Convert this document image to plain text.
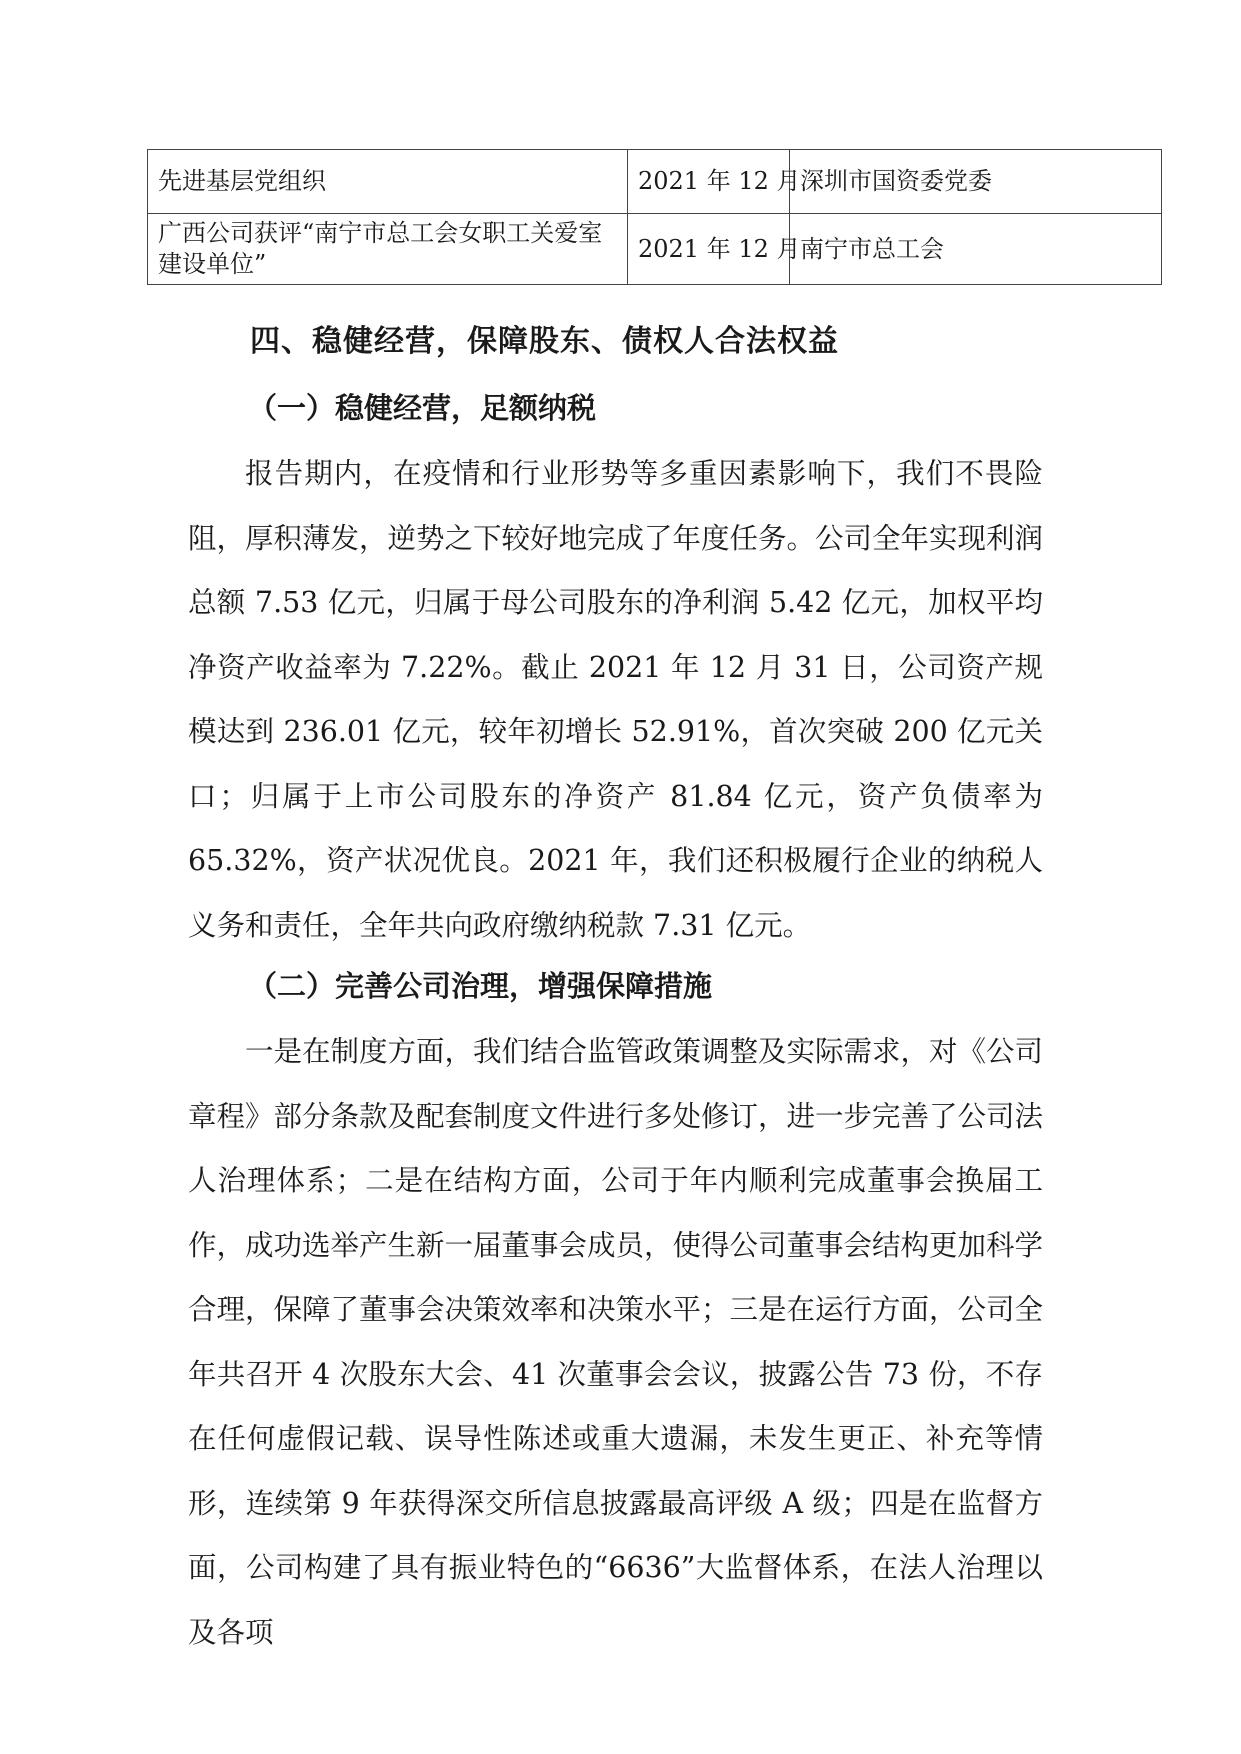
先进基层党组织	2021 年 12 月	深圳市国资委党委
广西公司获评“南宁市总工会女职工关爱室建设单位”	2021 年 12 月	南宁市总工会
四、稳健经营，保障股东、债权人合法权益
（一）稳健经营，足额纳税

报告期内，在疫情和行业形势等多重因素影响下，我们不畏险阻，厚积薄发，逆势之下较好地完成了年度任务。公司全年实现利润总额 7.53 亿元，归属于母公司股东的净利润 5.42 亿元，加权平均净资产收益率为 7.22%。截止 2021 年 12 月 31 日，公司资产规模达到 236.01 亿元，较年初增长 52.91%，首次突破 200 亿元关口；归属于上市公司股东的净资产 81.84 亿元，资产负债率为 65.32%，资产状况优良。2021 年，我们还积极履行企业的纳税人义务和责任，全年共向政府缴纳税款 7.31 亿元。

（二）完善公司治理，增强保障措施

一是在制度方面，我们结合监管政策调整及实际需求，对《公司章程》部分条款及配套制度文件进行多处修订，进一步完善了公司法人治理体系；二是在结构方面，公司于年内顺利完成董事会换届工作，成功选举产生新一届董事会成员，使得公司董事会结构更加科学合理，保障了董事会决策效率和决策水平；三是在运行方面，公司全年共召开 4 次股东大会、41 次董事会会议，披露公告 73 份，不存在任何虚假记载、误导性陈述或重大遗漏，未发生更正、补充等情形，连续第 9 年获得深交所信息披露最高评级 A 级；四是在监督方面，公司构建了具有振业特色的“6636”大监督体系，在法人治理以及各项
